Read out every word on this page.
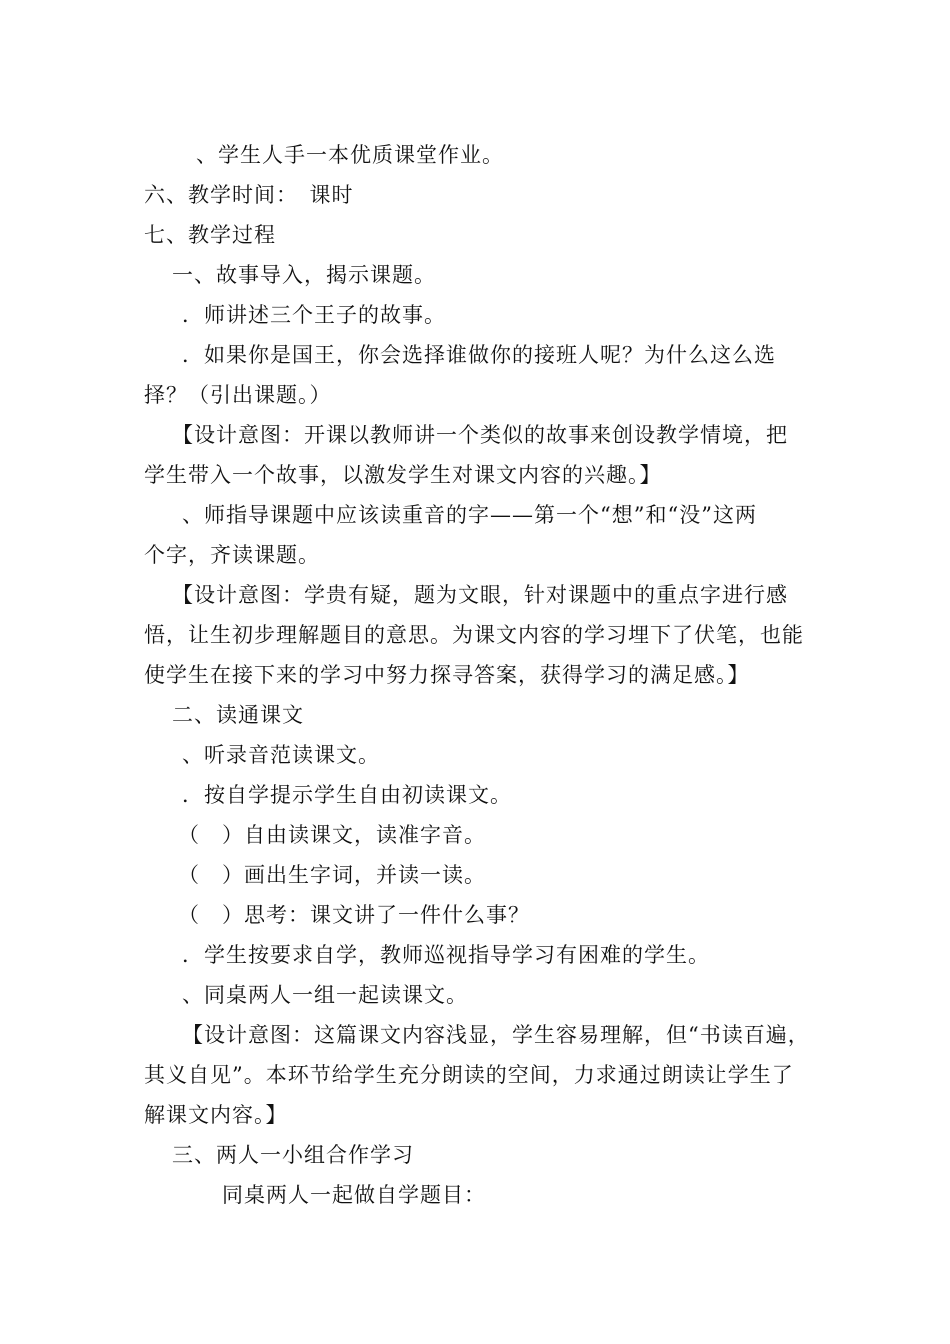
、学生人手一本优质课堂作业。
六、教学时间：　课时
七、教学过程
一、故事导入，揭示课题。
．师讲述三个王子的故事。
．如果你是国王，你会选择谁做你的接班人呢？为什么这么选
择？（引出课题。）
【设计意图：开课以教师讲一个类似的故事来创设教学情境，把
学生带入一个故事，以激发学生对课文内容的兴趣。】
、师指导课题中应该读重音的字——第一个“想”和“没”这两
个字，齐读课题。
【设计意图：学贵有疑，题为文眼，针对课题中的重点字进行感
悟，让生初步理解题目的意思。为课文内容的学习埋下了伏笔，也能
使学生在接下来的学习中努力探寻答案，获得学习的满足感。】
二、读通课文
、听录音范读课文。
．按自学提示学生自由初读课文。
（　）自由读课文，读准字音。
（　）画出生字词，并读一读。
（　）思考：课文讲了一件什么事？
．学生按要求自学，教师巡视指导学习有困难的学生。
、同桌两人一组一起读课文。
【设计意图：这篇课文内容浅显，学生容易理解，但“书读百遍，
其义自见”。本环节给学生充分朗读的空间，力求通过朗读让学生了
解课文内容。】
三、两人一小组合作学习
同桌两人一起做自学题目：
